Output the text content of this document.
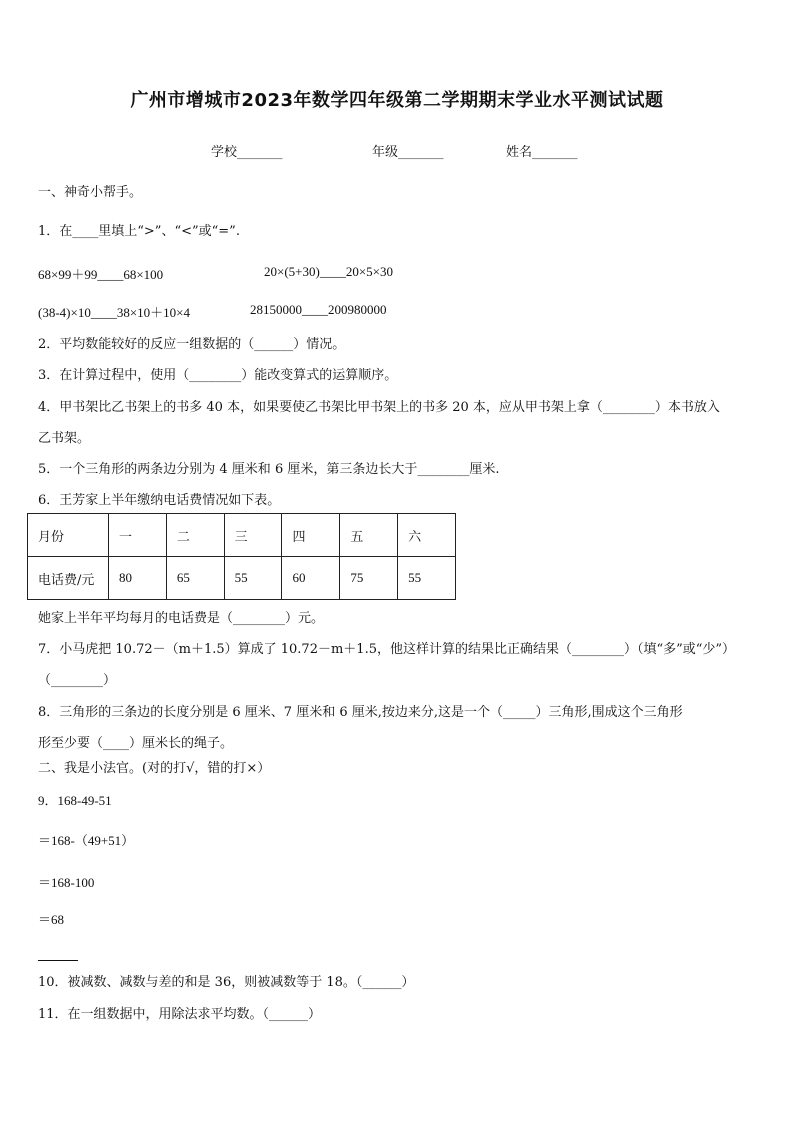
广州市增城市2023年数学四年级第二学期期末学业水平测试试题
学校_______	年级_______	姓名_______
一、神奇小帮手。
1．在____里填上“>”、“<”或“=”.
68×99＋99____68×100	20×(5+30)____20×5×30
(38-4)×10____38×10＋10×4	28150000____200980000
2．平均数能较好的反应一组数据的（______）情况。
3．在计算过程中，使用（________）能改变算式的运算顺序。
4．甲书架比乙书架上的书多 40 本，如果要使乙书架比甲书架上的书多 20 本，应从甲书架上拿（________）本书放入
乙书架。
5．一个三角形的两条边分别为 4 厘米和 6 厘米，第三条边长大于________厘米.
6．王芳家上半年缴纳电话费情况如下表。
月份	一	二	三	四	五	六
电话费/元	80	65	55	60	75	55
她家上半年平均每月的电话费是（________）元。
7．小马虎把 10.72－（m＋1.5）算成了 10.72－m＋1.5，他这样计算的结果比正确结果（________）（填“多”或“少”）
（________）
8．三角形的三条边的长度分别是 6 厘米、7 厘米和 6 厘米,按边来分,这是一个（_____）三角形,围成这个三角形
形至少要（____）厘米长的绳子。
二、我是小法官。(对的打√，错的打×）
9．168-49-51
＝168-（49+51）
＝168-100
＝68

10．被减数、减数与差的和是 36，则被减数等于 18。（______）
11．在一组数据中，用除法求平均数。（______）
